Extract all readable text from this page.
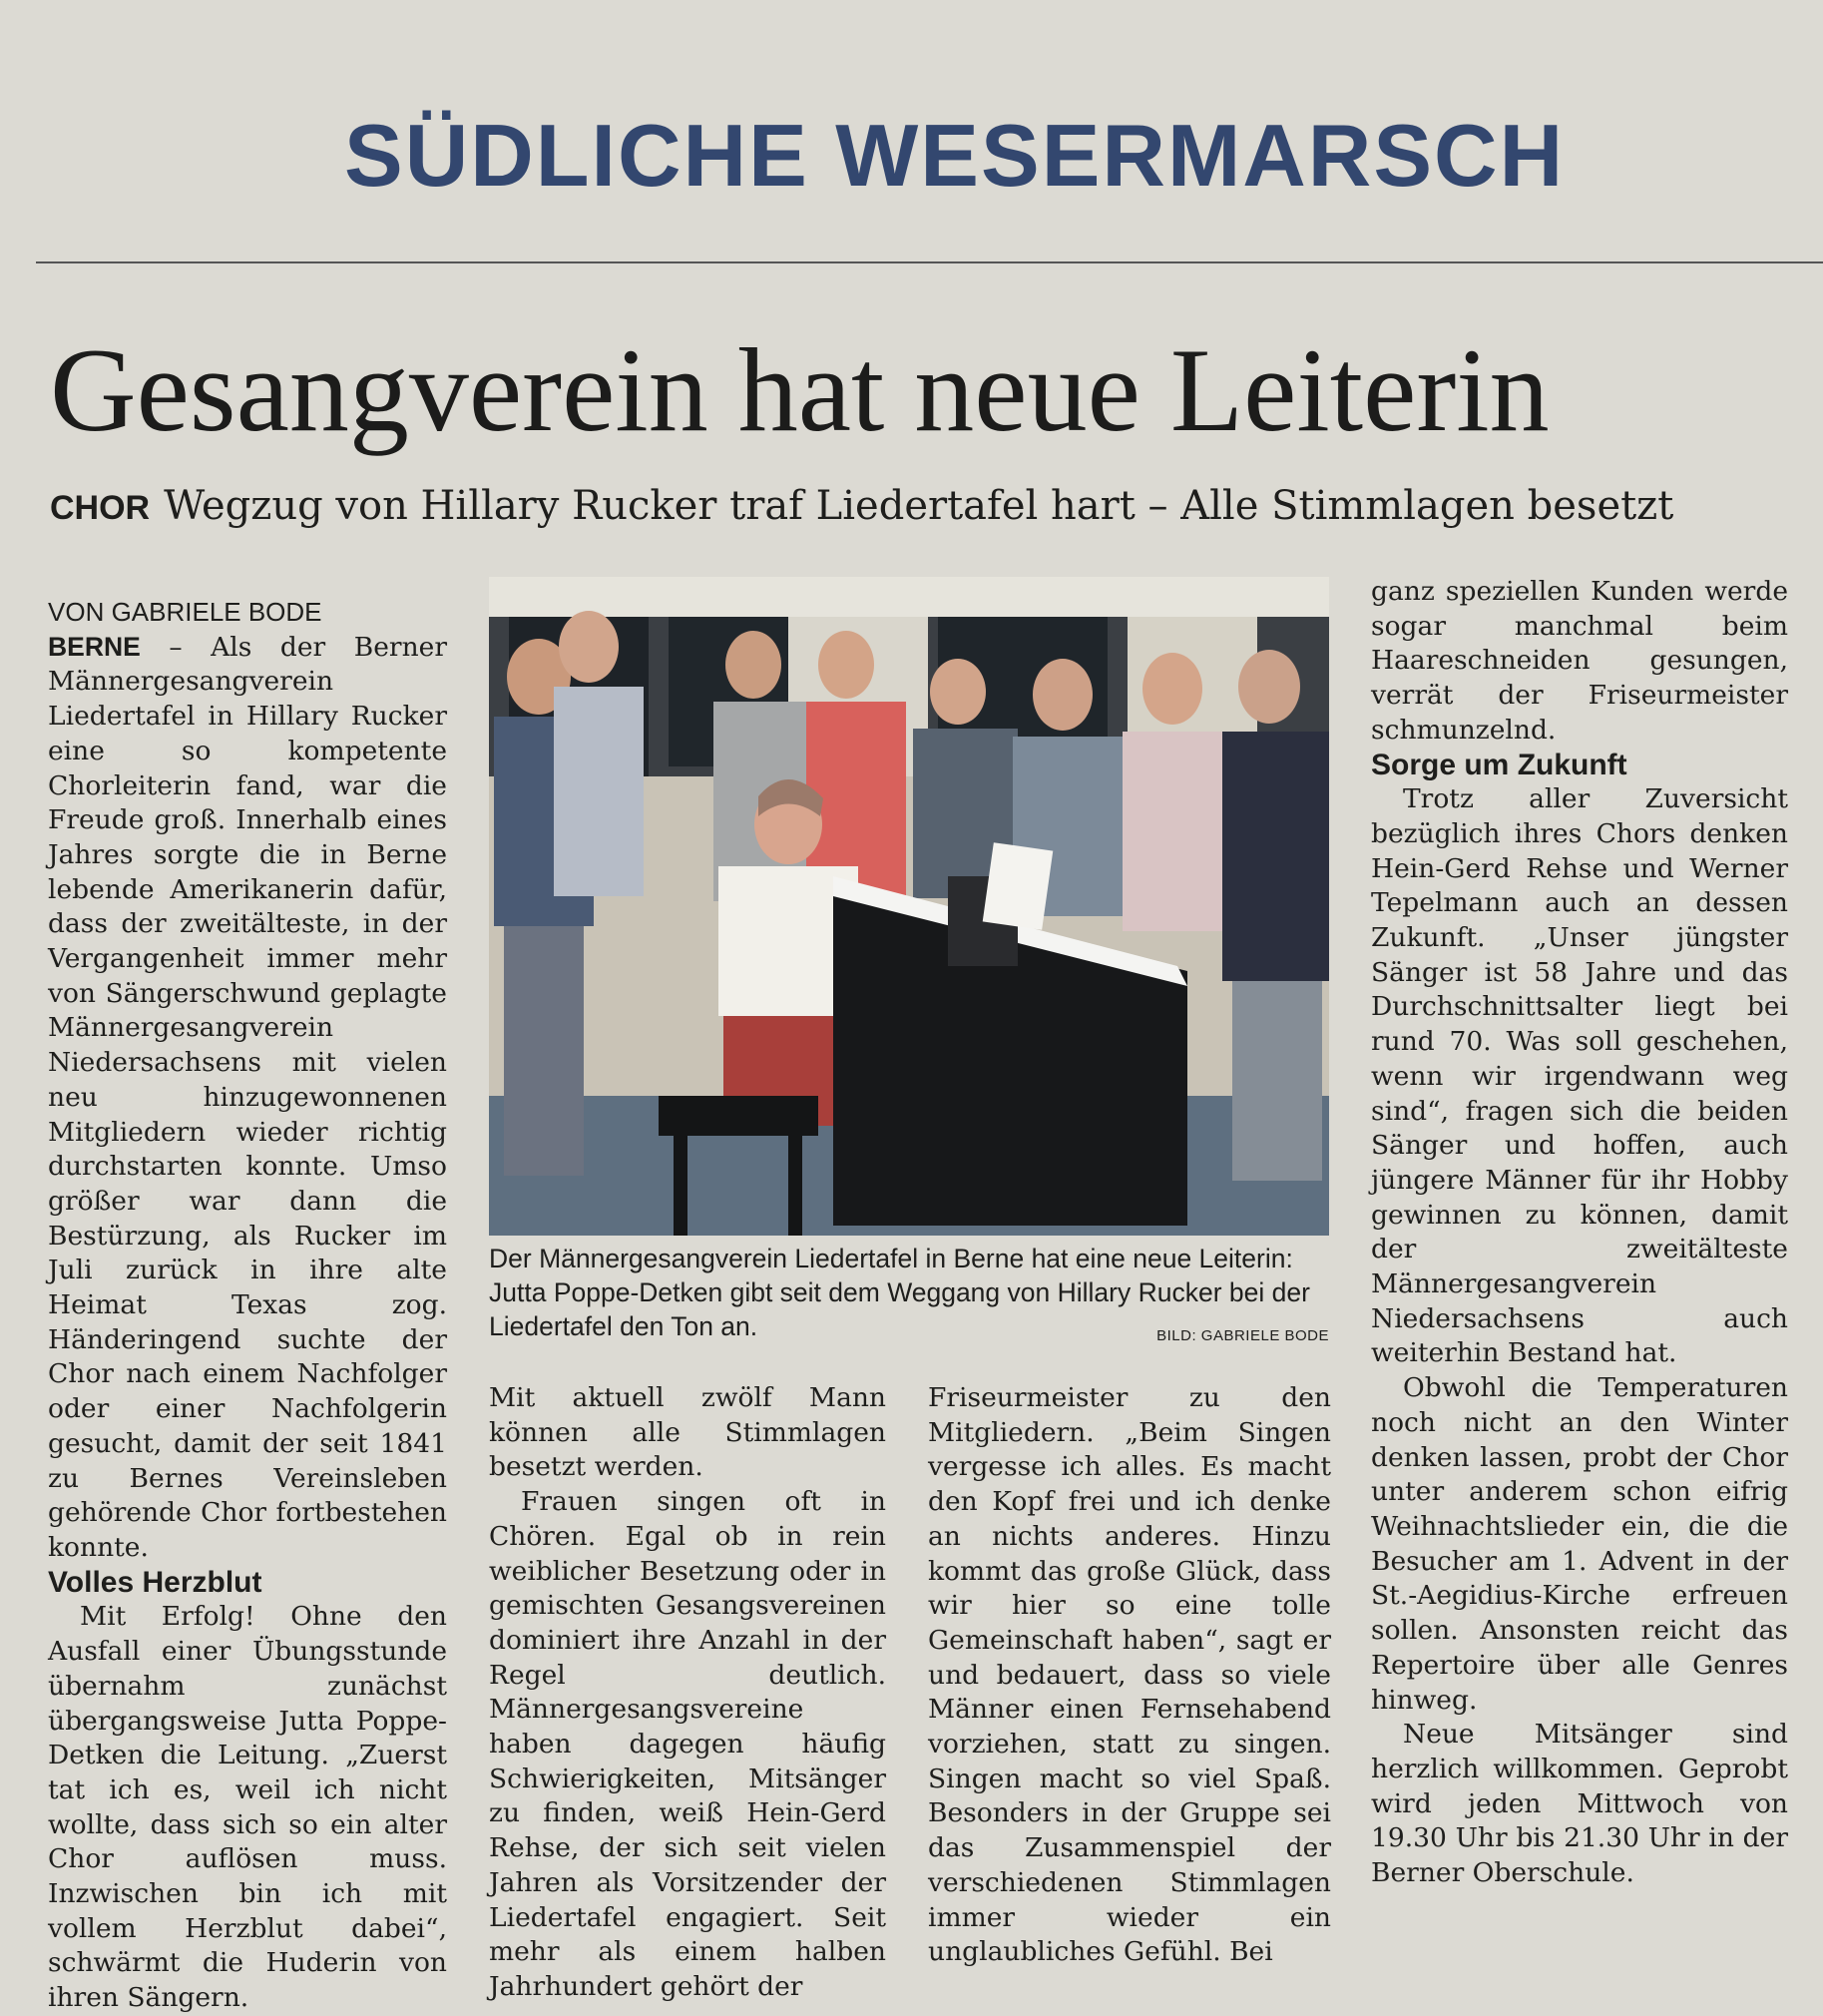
SÜDLICHE WESERMARSCH
Gesangverein hat neue Leiterin

CHOR Wegzug von Hillary Rucker traf Liedertafel hart – Alle Stimmlagen besetzt

VON GABRIELE BODE

BERNE – Als der Berner Männergesangverein Liedertafel in Hillary Rucker eine so kompetente Chorleiterin fand, war die Freude groß. Innerhalb eines Jahres sorgte die in Berne lebende Amerikanerin dafür, dass der zweitälteste, in der Vergangenheit immer mehr von Sängerschwund geplagte Männergesangverein Niedersachsens mit vielen neu hinzugewonnenen Mitgliedern wieder richtig durchstarten konnte. Umso größer war dann die Bestürzung, als Rucker im Juli zurück in ihre alte Heimat Texas zog. Händeringend suchte der Chor nach einem Nachfolger oder einer Nachfolgerin gesucht, damit der seit 1841 zu Bernes Vereinsleben gehörende Chor fortbestehen konnte.

Volles Herzblut

Mit Erfolg! Ohne den Ausfall einer Übungsstunde übernahm zunächst übergangsweise Jutta Poppe-Detken die Leitung. „Zuerst tat ich es, weil ich nicht wollte, dass sich so ein alter Chor auflösen muss. Inzwischen bin ich mit vollem Herzblut dabei“, schwärmt die Huderin von ihren Sängern.

Der Männergesangverein Liedertafel in Berne hat eine neue Leiterin: Jutta Poppe-Detken gibt seit dem Weggang von Hillary Rucker bei der Liedertafel den Ton an.	BILD: GABRIELE BODE

Mit aktuell zwölf Mann können alle Stimmlagen besetzt werden.

Frauen singen oft in Chören. Egal ob in rein weiblicher Besetzung oder in gemischten Gesangsvereinen dominiert ihre Anzahl in der Regel deutlich. Männergesangsvereine haben dagegen häufig Schwierigkeiten, Mitsänger zu finden, weiß Hein-Gerd Rehse, der sich seit vielen Jahren als Vorsitzender der Liedertafel engagiert. Seit mehr als einem halben Jahrhundert gehört der

Friseurmeister zu den Mitgliedern. „Beim Singen vergesse ich alles. Es macht den Kopf frei und ich denke an nichts anderes. Hinzu kommt das große Glück, dass wir hier so eine tolle Gemeinschaft haben“, sagt er und bedauert, dass so viele Männer einen Fernsehabend vorziehen, statt zu singen. Singen macht so viel Spaß. Besonders in der Gruppe sei das Zusammenspiel der verschiedenen Stimmlagen immer wieder ein unglaubliches Gefühl. Bei

ganz speziellen Kunden werde sogar manchmal beim Haareschneiden gesungen, verrät der Friseurmeister schmunzelnd.

Sorge um Zukunft

Trotz aller Zuversicht bezüglich ihres Chors denken Hein-Gerd Rehse und Werner Tepelmann auch an dessen Zukunft. „Unser jüngster Sänger ist 58 Jahre und das Durchschnittsalter liegt bei rund 70. Was soll geschehen, wenn wir irgendwann weg sind“, fragen sich die beiden Sänger und hoffen, auch jüngere Männer für ihr Hobby gewinnen zu können, damit der zweitälteste Männergesangverein Niedersachsens auch weiterhin Bestand hat.

Obwohl die Temperaturen noch nicht an den Winter denken lassen, probt der Chor unter anderem schon eifrig Weihnachtslieder ein, die die Besucher am 1. Advent in der St.-Aegidius-Kirche erfreuen sollen. Ansonsten reicht das Repertoire über alle Genres hinweg.

Neue Mitsänger sind herzlich willkommen. Geprobt wird jeden Mittwoch von 19.30 Uhr bis 21.30 Uhr in der Berner Oberschule.
